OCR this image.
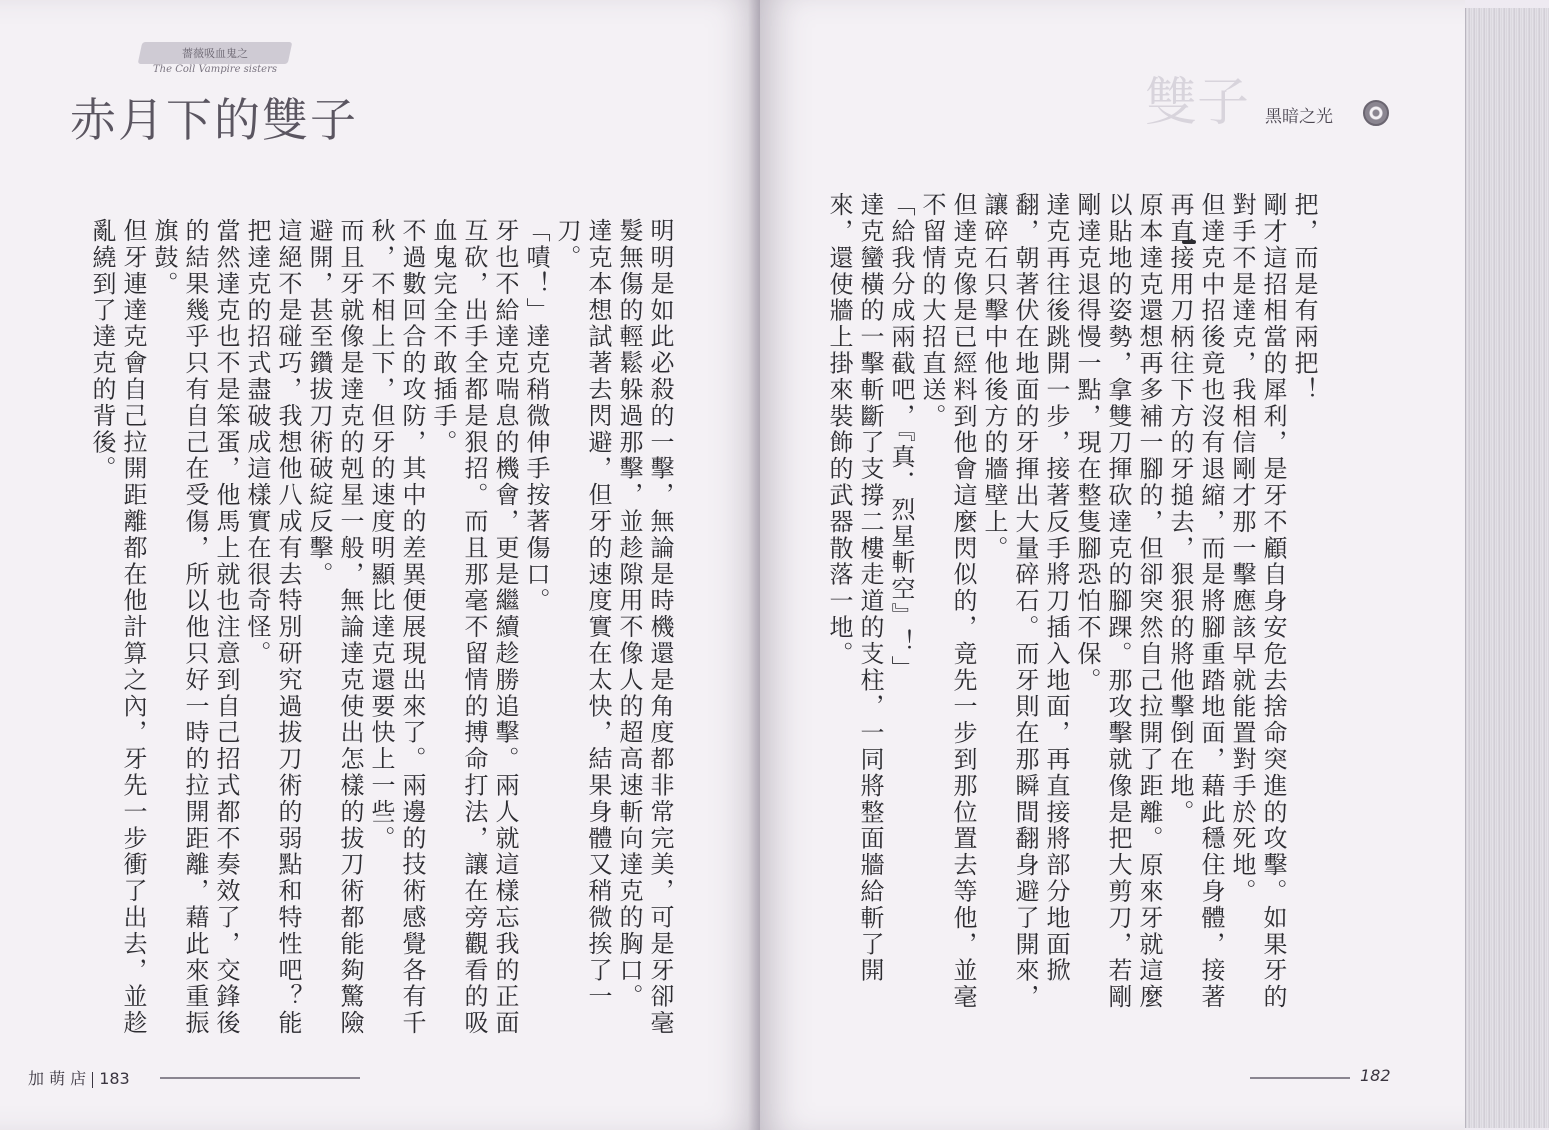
薔薇吸血鬼之
The Coll Vampire sisters
赤月下的雙子

明明是如此必殺的一擊，無論是時機還是角度都非常完美，可是牙卻毫髮無傷的輕鬆躲過那擊，並趁隙用不像人的超高速斬向達克的胸口。

達克本想試著去閃避，但牙的速度實在太快，結果身體又稍微挨了一刀。

「嘖！」達克稍微伸手按著傷口。

牙也不給達克喘息的機會，更是繼續趁勝追擊。兩人就這樣忘我的正面互砍，出手全都是狠招。而且那毫不留情的搏命打法，讓在旁觀看的吸血鬼完全不敢插手。

不過數回合的攻防，其中的差異便展現出來了。兩邊的技術感覺各有千秋，不相上下，但牙的速度明顯比達克還要快上一些。

而且牙就像是達克的剋星一般，無論達克使出怎樣的拔刀術都能夠驚險避開，甚至鑽拔刀術破綻反擊。

這絕不是碰巧，我想他八成有去特別研究過拔刀術的弱點和特性吧？能把達克的招式盡破成這樣實在很奇怪。

當然達克也不是笨蛋，他馬上就也注意到自己招式都不奏效了，交鋒後的結果幾乎只有自己在受傷，所以他只好一時的拉開距離，藉此來重振旗鼓。

但牙連達克會自己拉開距離都在他計算之內，牙先一步衝了出去，並趁亂繞到了達克的背後。

加 萌 店 183
雙子 黑暗之光

把，而是有兩把！

剛才這招相當的犀利，是牙不顧自身安危去捨命突進的攻擊。如果牙的對手不是達克，我相信剛才那一擊應該早就能置對手於死地。

但達克中招後竟也沒有退縮，而是將腳重踏地面，藉此穩住身體，接著再直接用刀柄往下方的牙搥去，狠狠的將他擊倒在地。

原本達克還想再多補一腳的，但卻突然自己拉開了距離。原來牙就這麼以貼地的姿勢，拿雙刀揮砍達克的腳踝。那攻擊就像是把大剪刀，若剛剛達克退得慢一點，現在整隻腳恐怕不保。

達克再往後跳開一步，接著反手將刀插入地面，再直接將部分地面掀翻，朝著伏在地面的牙揮出大量碎石。而牙則在那瞬間翻身避了開來，讓碎石只擊中他後方的牆壁上。

但達克像是已經料到他會這麼閃似的，竟先一步到那位置去等他，並毫不留情的大招直送。

「給我分成兩截吧，『真．烈星斬空』！」

達克蠻橫的一擊斬斷了支撐二樓走道的支柱，一同將整面牆給斬了開來，還使牆上掛來裝飾的武器散落一地。

182
